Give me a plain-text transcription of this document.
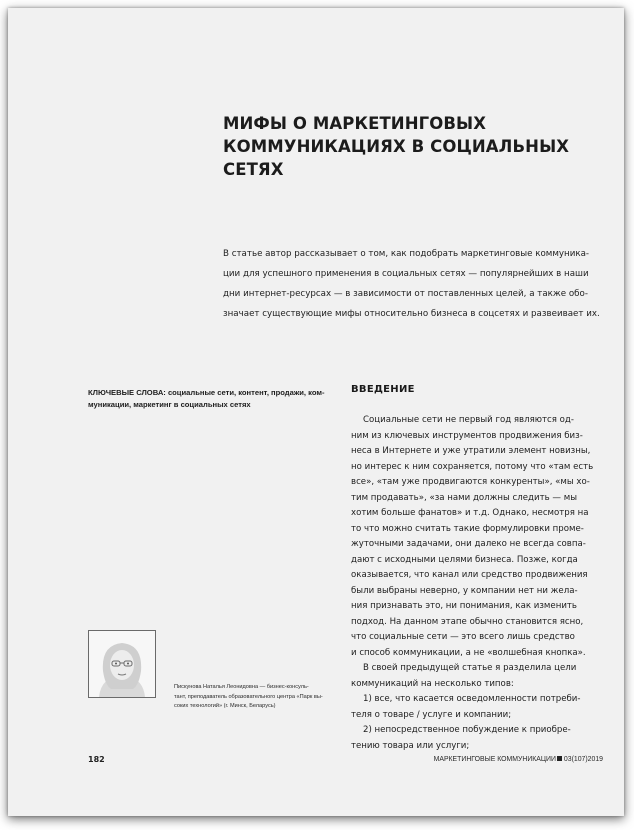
МИФЫ О МАРКЕТИНГОВЫХ
КОММУНИКАЦИЯХ В СОЦИАЛЬНЫХ СЕТЯХ
В статье автор рассказывает о том, как подобрать маркетинговые коммуника-
ции для успешного применения в социальных сетях — популярнейших в наши
дни интернет-ресурсах — в зависимости от поставленных целей, а также обо-
значает существующие мифы относительно бизнеса в соцсетях и развеивает их.
КЛЮЧЕВЫЕ СЛОВА: социальные сети, контент, продажи, ком-
муникации, маркетинг в социальных сетях
ВВЕДЕНИЕ
Социальные сети не первый год являются од-
ним из ключевых инструментов продвижения биз-
неса в Интернете и уже утратили элемент новизны,
но интерес к ним сохраняется, потому что «там есть
все», «там уже продвигаются конкуренты», «мы хо-
тим продавать», «за нами должны следить — мы
хотим больше фанатов» и т.д. Однако, несмотря на
то что можно считать такие формулировки проме-
жуточными задачами, они далеко не всегда совпа-
дают с исходными целями бизнеса. Позже, когда
оказывается, что канал или средство продвижения
были выбраны неверно, у компании нет ни жела-
ния признавать это, ни понимания, как изменить
подход. На данном этапе обычно становится ясно,
что социальные сети — это всего лишь средство
и способ коммуникации, а не «волшебная кнопка».
В своей предыдущей статье я разделила цели
коммуникаций на несколько типов:
1) все, что касается осведомленности потреби-
теля о товаре / услуге и компании;
2) непосредственное побуждение к приобре-
тению товара или услуги;
Пискунова Наталья Леонидовна — бизнес-консуль-
тант, преподаватель образовательного центра «Парк вы-
соких технологий» (г. Минск, Беларусь)
182	МАРКЕТИНГОВЫЕ КОММУНИКАЦИИ 03(107)2019
